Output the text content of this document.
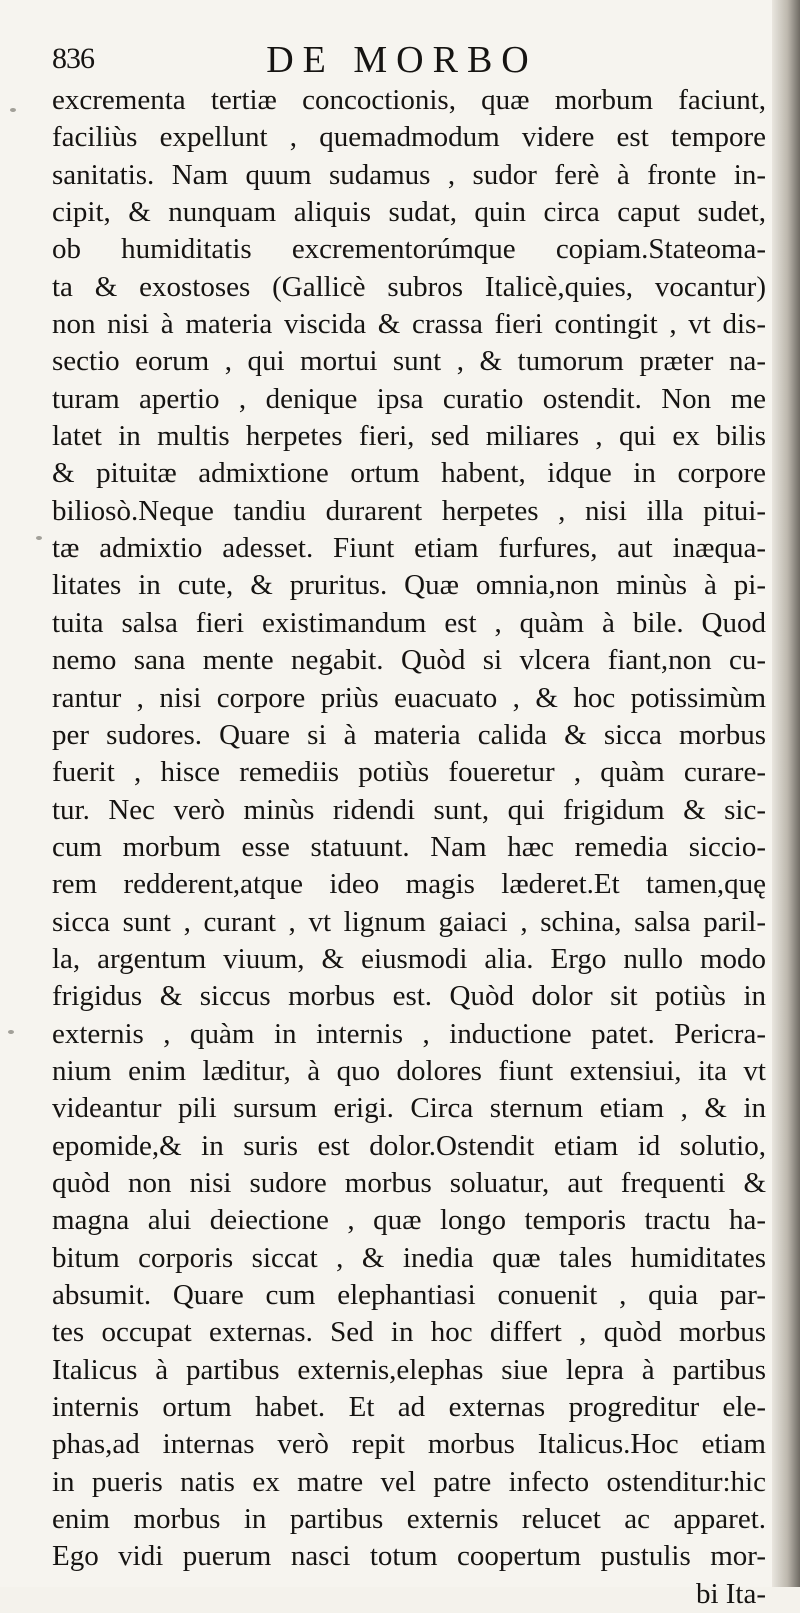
836	DE MORBO
excrementa tertiæ concoctionis, quæ morbum faciunt,
faciliùs expellunt , quemadmodum videre est tempore
sanitatis. Nam quum sudamus , sudor ferè à fronte in-
cipit, & nunquam aliquis sudat, quin circa caput sudet,
ob humiditatis excrementorúmque copiam.Stateoma-
ta & exostoses (Gallicè subros Italicè,quies, vocantur)
non nisi à materia viscida & crassa fieri contingit , vt dis-
sectio eorum , qui mortui sunt , & tumorum præter na-
turam apertio , denique ipsa curatio ostendit. Non me
latet in multis herpetes fieri, sed miliares , qui ex bilis
& pituitæ admixtione ortum habent, idque in corpore
biliosò.Neque tandiu durarent herpetes , nisi illa pitui-
tæ admixtio adesset. Fiunt etiam furfures, aut inæqua-
litates in cute, & pruritus. Quæ omnia,non minùs à pi-
tuita salsa fieri existimandum est , quàm à bile. Quod
nemo sana mente negabit. Quòd si vlcera fiant,non cu-
rantur , nisi corpore priùs euacuato , & hoc potissimùm
per sudores. Quare si à materia calida & sicca morbus
fuerit , hisce remediis potiùs foueretur , quàm curare-
tur. Nec verò minùs ridendi sunt, qui frigidum & sic-
cum morbum esse statuunt. Nam hæc remedia siccio-
rem redderent,atque ideo magis læderet.Et tamen,quę
sicca sunt , curant , vt lignum gaiaci , schina, salsa paril-
la, argentum viuum, & eiusmodi alia. Ergo nullo modo
frigidus & siccus morbus est. Quòd dolor sit potiùs in
externis , quàm in internis , inductione patet. Pericra-
nium enim læditur, à quo dolores fiunt extensiui, ita vt
videantur pili sursum erigi. Circa sternum etiam , & in
epomide,& in suris est dolor.Ostendit etiam id solutio,
quòd non nisi sudore morbus soluatur, aut frequenti &
magna alui deiectione , quæ longo temporis tractu ha-
bitum corporis siccat , & inedia quæ tales humiditates
absumit. Quare cum elephantiasi conuenit , quia par-
tes occupat externas. Sed in hoc differt , quòd morbus
Italicus à partibus externis,elephas siue lepra à partibus
internis ortum habet. Et ad externas progreditur ele-
phas,ad internas verò repit morbus Italicus.Hoc etiam
in pueris natis ex matre vel patre infecto ostenditur:hic
enim morbus in partibus externis relucet ac apparet.
Ego vidi puerum nasci totum coopertum pustulis mor-
bi Ita-
